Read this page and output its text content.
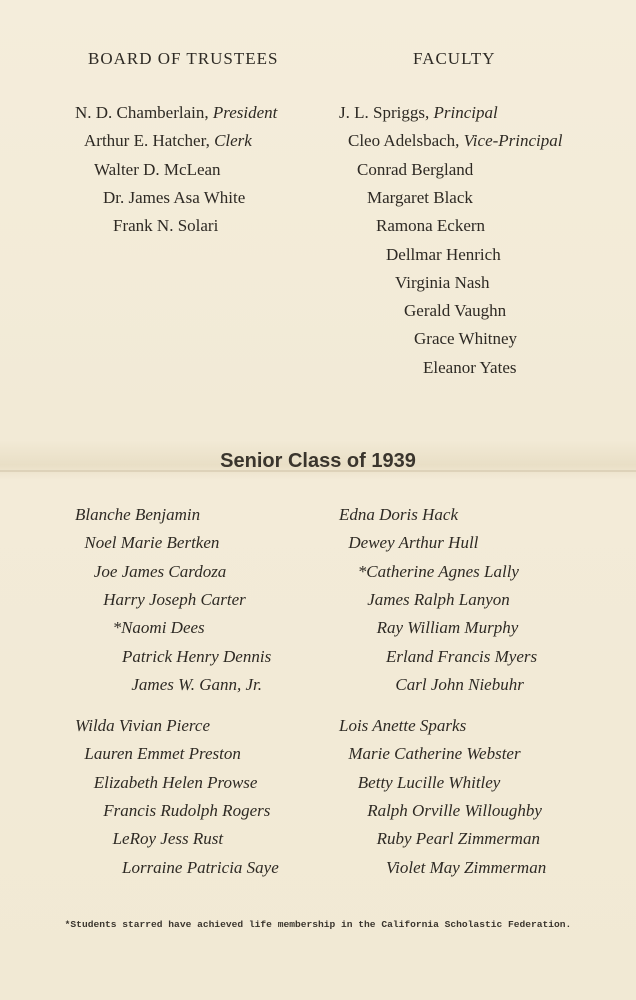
BOARD OF TRUSTEES	FACULTY
N. D. Chamberlain, President
Arthur E. Hatcher, Clerk
Walter D. McLean
Dr. James Asa White
Frank N. Solari
J. L. Spriggs, Principal
Cleo Adelsbach, Vice-Principal
Conrad Bergland
Margaret Black
Ramona Eckern
Dellmar Henrich
Virginia Nash
Gerald Vaughn
Grace Whitney
Eleanor Yates
Senior Class of 1939
Blanche Benjamin
Noel Marie Bertken
Joe James Cardoza
Harry Joseph Carter
*Naomi Dees
Patrick Henry Dennis
James W. Gann, Jr.
Edna Doris Hack
Dewey Arthur Hull
*Catherine Agnes Lally
James Ralph Lanyon
Ray William Murphy
Erland Francis Myers
Carl John Niebuhr
Wilda Vivian Pierce
Lauren Emmet Preston
Elizabeth Helen Prowse
Francis Rudolph Rogers
LeRoy Jess Rust
Lorraine Patricia Saye
Lois Anette Sparks
Marie Catherine Webster
Betty Lucille Whitley
Ralph Orville Willoughby
Ruby Pearl Zimmerman
Violet May Zimmerman
*Students starred have achieved life membership in the California Scholastic Federation.
